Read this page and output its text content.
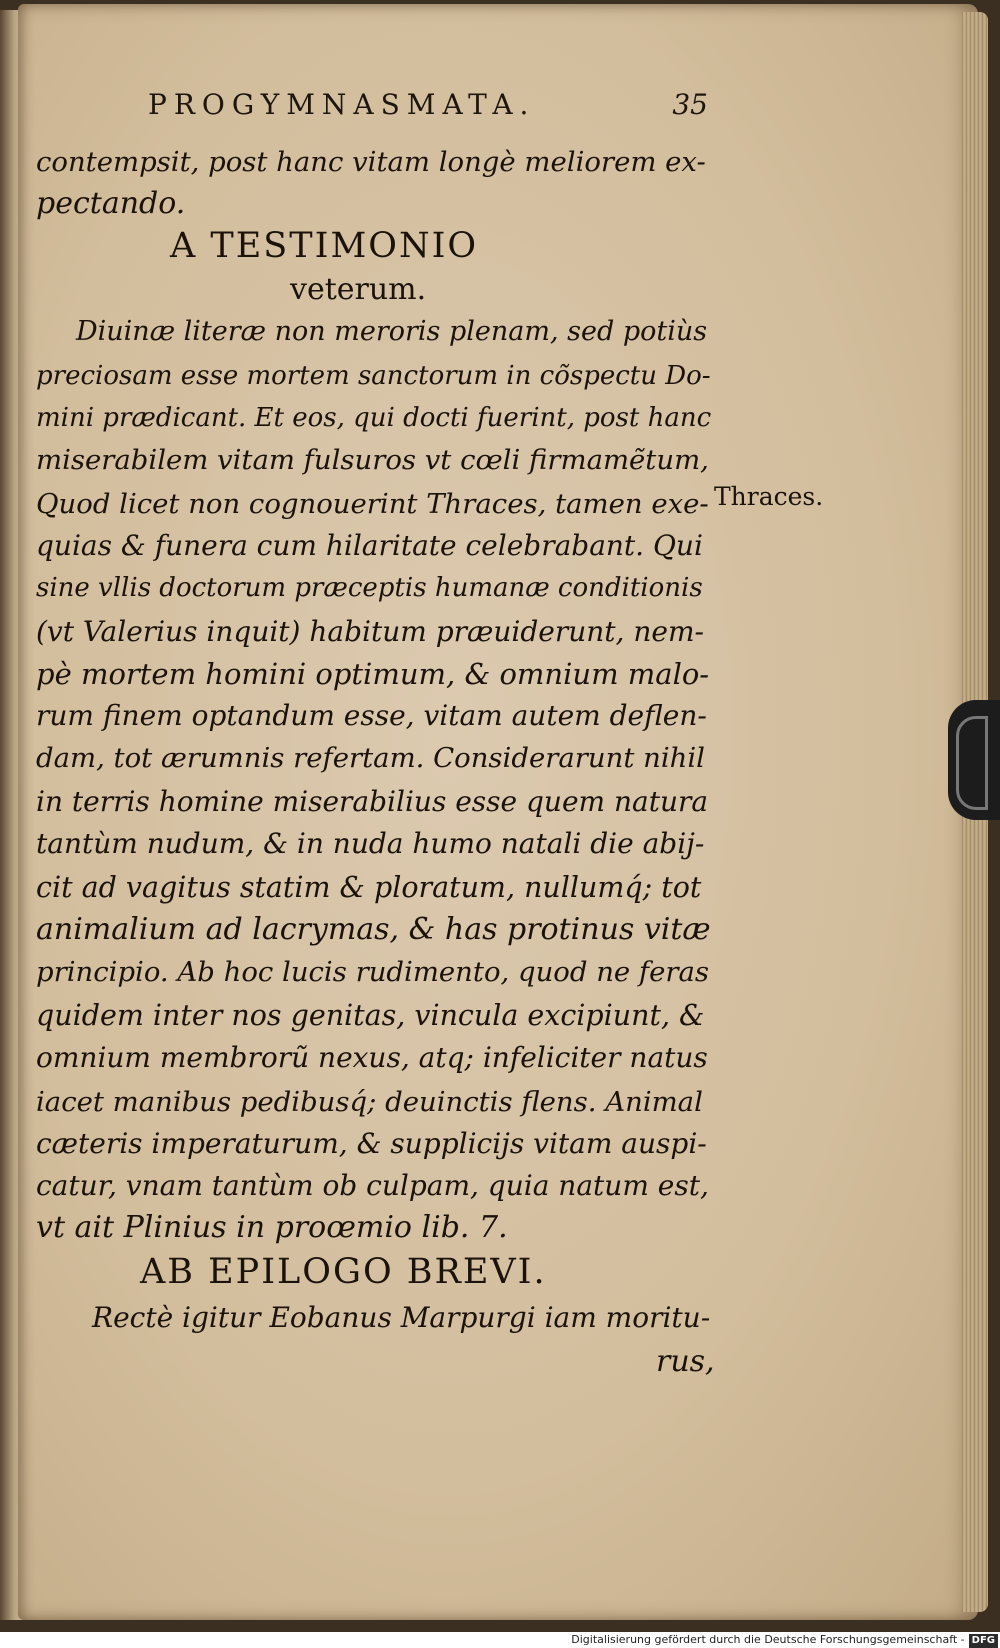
PROGYMNASMATA.	35
contempsit, post hanc vitam longè meliorem ex-
pectando.
A TESTIMONIO
veterum.
Diuinæ literæ non meroris plenam, sed potiùs
preciosam esse mortem sanctorum in cõspectu Do-
mini prædicant. Et eos, qui docti fuerint, post hanc
miserabilem vitam fulsuros vt cœli firmamẽtum,
Quod licet non cognouerint Thraces, tamen exe-
quias & funera cum hilaritate celebrabant. Qui
sine vllis doctorum præceptis humanæ conditionis
(vt Valerius inquit) habitum præuiderunt, nem-
pè mortem homini optimum, & omnium malo-
rum finem optandum esse, vitam autem deflen-
dam, tot ærumnis refertam. Considerarunt nihil
in terris homine miserabilius esse quem natura
tantùm nudum, & in nuda humo natali die abij-
cit ad vagitus statim & ploratum, nullumq́; tot
animalium ad lacrymas, & has protinus vitæ
principio. Ab hoc lucis rudimento, quod ne feras
quidem inter nos genitas, vincula excipiunt, &
omnium membrorũ nexus, atq; infeliciter natus
iacet manibus pedibusq́; deuinctis flens. Animal
cæteris imperaturum, & supplicijs vitam auspi-
catur, vnam tantùm ob culpam, quia natum est,
vt ait Plinius in proœmio lib. 7.
AB EPILOGO BREVI.
Rectè igitur Eobanus Marpurgi iam moritu-
rus,
Thraces.
Digitalisierung gefördert durch die Deutsche Forschungsgemeinschaft - DFG
